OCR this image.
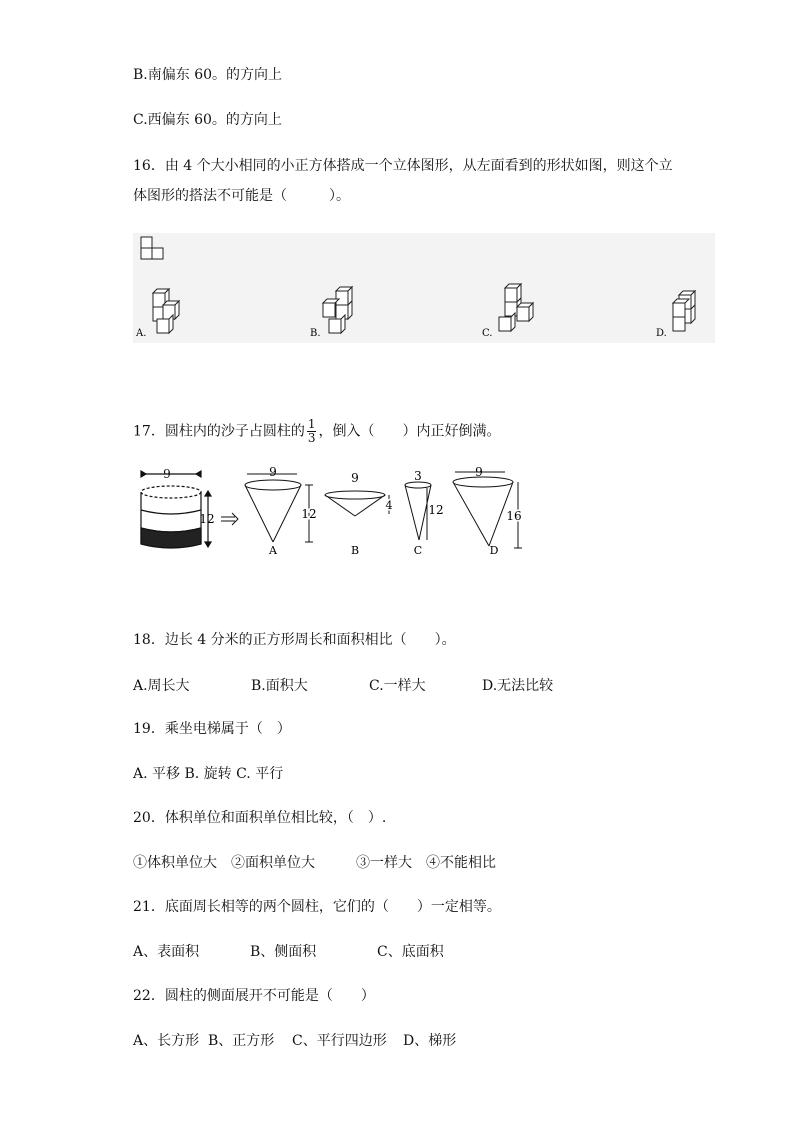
B.南偏东 60。的方向上
C.西偏东 60。的方向上
16．由 4 个大小相同的小正方体搭成一个立体图形，从左面看到的形状如图，则这个立
体图形的搭法不可能是（　　　）。
A.	B.	C.	D.
17．圆柱内的沙子占圆柱的 $\frac{1}{3}$ ，倒入（　　）内正好倒满。
9
12
9
12
A
9
4
B
3
12
C
9
16
D
18．边长 4 分米的正方形周长和面积相比（　　）。
A.周长大	B.面积大	C.一样大	D.无法比较
19．乘坐电梯属于（　）
A. 平移 B. 旋转 C. 平行
20．体积单位和面积单位相比较，（　）.
①体积单位大 ②面积单位大	③一样大 ④不能相比
21．底面周长相等的两个圆柱，它们的（　　）一定相等。
A、表面积	B、侧面积	C、底面积
22．圆柱的侧面展开不可能是（　　）
A、长方形 B、正方形 C、平行四边形 D、梯形
